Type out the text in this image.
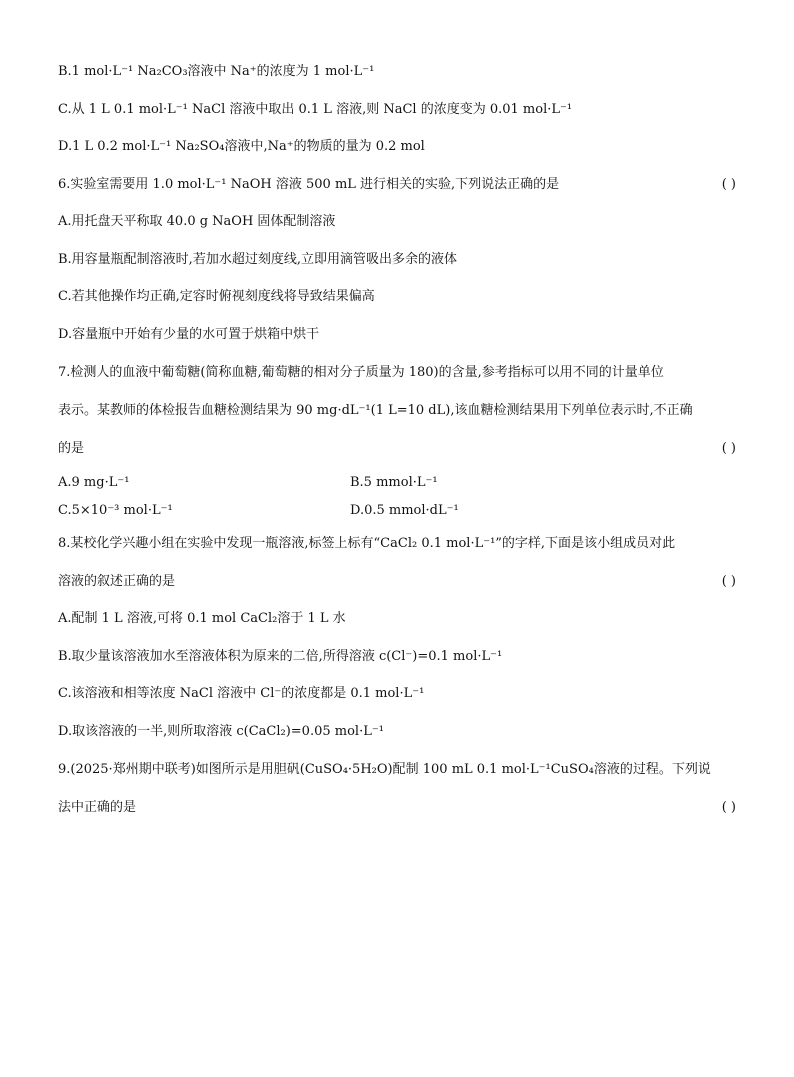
B.1 mol·L⁻¹ Na₂CO₃溶液中 Na⁺的浓度为 1 mol·L⁻¹
C.从 1 L 0.1 mol·L⁻¹ NaCl 溶液中取出 0.1 L 溶液,则 NaCl 的浓度变为 0.01 mol·L⁻¹
D.1 L 0.2 mol·L⁻¹ Na₂SO₄溶液中,Na⁺的物质的量为 0.2 mol
6.实验室需要用 1.0 mol·L⁻¹ NaOH 溶液 500 mL 进行相关的实验,下列说法正确的是	( )
A.用托盘天平称取 40.0 g NaOH 固体配制溶液
B.用容量瓶配制溶液时,若加水超过刻度线,立即用滴管吸出多余的液体
C.若其他操作均正确,定容时俯视刻度线将导致结果偏高
D.容量瓶中开始有少量的水可置于烘箱中烘干
7.检测人的血液中葡萄糖(简称血糖,葡萄糖的相对分子质量为 180)的含量,参考指标可以用不同的计量单位
表示。某教师的体检报告血糖检测结果为 90 mg·dL⁻¹(1 L=10 dL),该血糖检测结果用下列单位表示时,不正确
的是	( )
A.9 mg·L⁻¹	B.5 mmol·L⁻¹
C.5×10⁻³ mol·L⁻¹	D.0.5 mmol·dL⁻¹
8.某校化学兴趣小组在实验中发现一瓶溶液,标签上标有“CaCl₂ 0.1 mol·L⁻¹”的字样,下面是该小组成员对此
溶液的叙述正确的是	( )
A.配制 1 L 溶液,可将 0.1 mol CaCl₂溶于 1 L 水
B.取少量该溶液加水至溶液体积为原来的二倍,所得溶液 c(Cl⁻)=0.1 mol·L⁻¹
C.该溶液和相等浓度 NaCl 溶液中 Cl⁻的浓度都是 0.1 mol·L⁻¹
D.取该溶液的一半,则所取溶液 c(CaCl₂)=0.05 mol·L⁻¹
9.(2025·郑州期中联考)如图所示是用胆矾(CuSO₄·5H₂O)配制 100 mL 0.1 mol·L⁻¹CuSO₄溶液的过程。下列说
法中正确的是	( )
